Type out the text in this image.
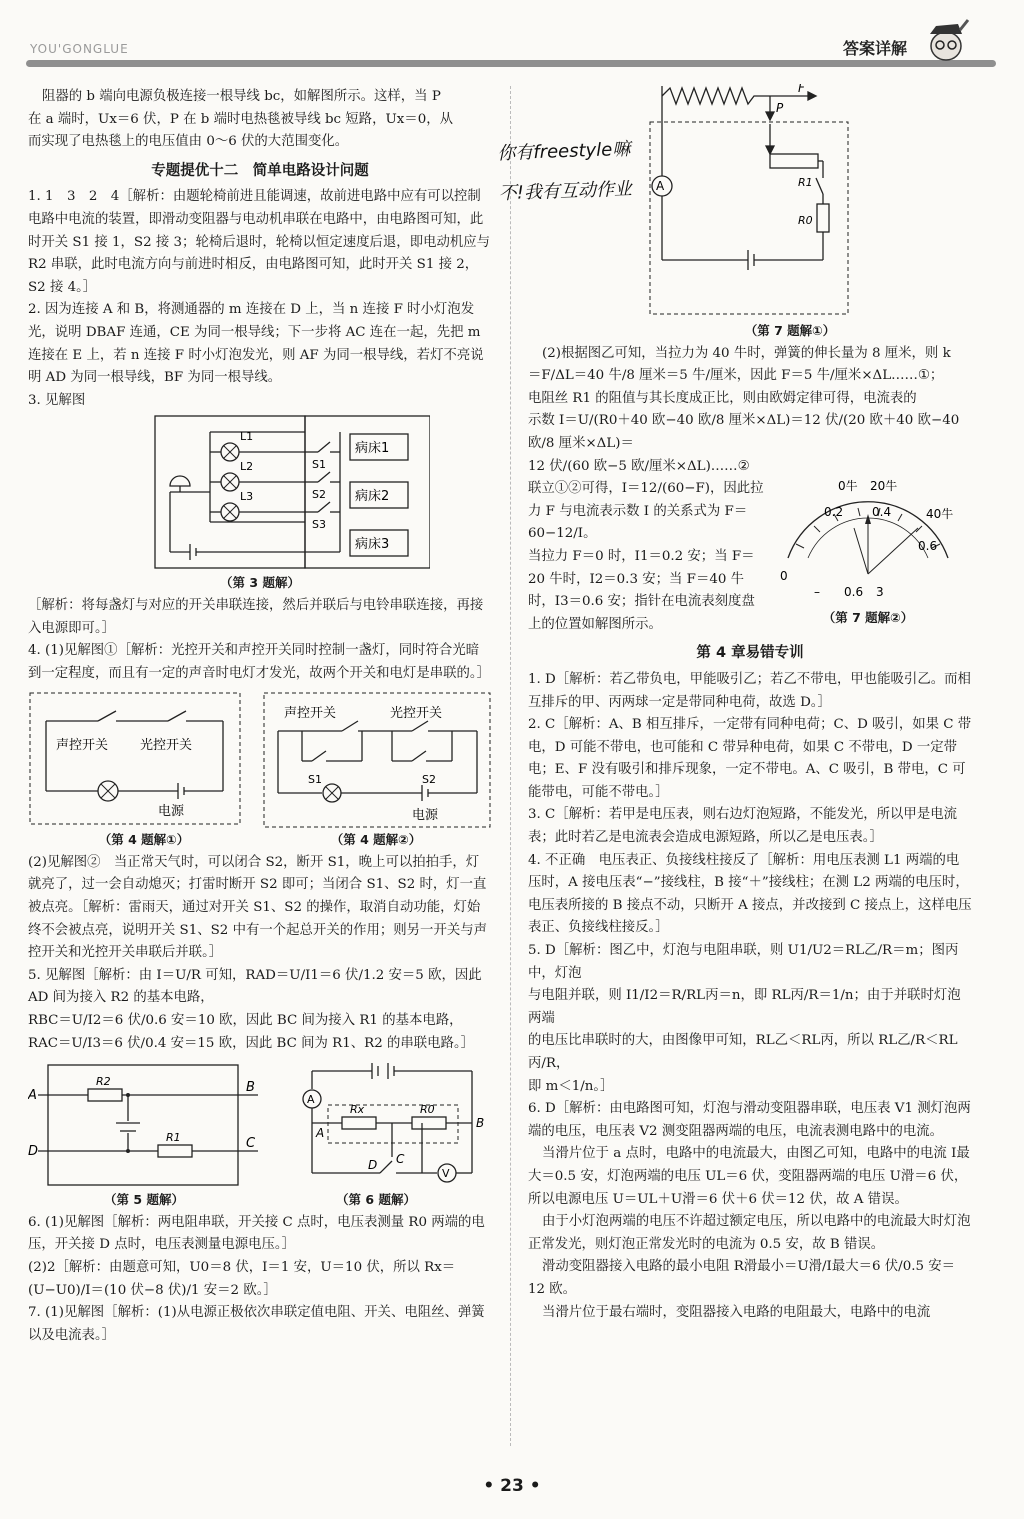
YOU'GONGLUE	答案详解

阻器的 b 端向电源负极连接一根导线 bc，如解图所示。这样，当 P

在 a 端时，Ux＝6 伏，P 在 b 端时电热毯被导线 bc 短路，Ux＝0，从

而实现了电热毯上的电压值由 0～6 伏的大范围变化。

专题提优十二　简单电路设计问题

1. 1　3　2　4［解析：由题轮椅前进且能调速，故前进电路中应有可以控制电路中电流的装置，即滑动变阻器与电动机串联在电路中，由电路图可知，此时开关 S1 接 1，S2 接 3；轮椅后退时，轮椅以恒定速度后退，即电动机应与 R2 串联，此时电流方向与前进时相反，由电路图可知，此时开关 S1 接 2，S2 接 4。］

2. 因为连接 A 和 B，将测通器的 m 连接在 D 上，当 n 连接 F 时小灯泡发光，说明 DBAF 连通，CE 为同一根导线；下一步将 AC 连在一起，先把 m 连接在 E 上，若 n 连接 F 时小灯泡发光，则 AF 为同一根导线，若灯不亮说明 AD 为同一根导线，BF 为同一根导线。

3. 见解图

L1
L2
L3
S1
S2
S3
病床1
病床2
病床3
（第 3 题解）

［解析：将每盏灯与对应的开关串联连接，然后并联后与电铃串联连接，再接入电源即可。］

4. (1)见解图①［解析：光控开关和声控开关同时控制一盏灯，同时符合光暗到一定程度，而且有一定的声音时电灯才发光，故两个开关和电灯是串联的。］

声控开关 光控开关
电源
声控开关	光控开关
S1	S2
电源
（第 4 题解①）	（第 4 题解②）

(2)见解图②　当正常天气时，可以闭合 S2，断开 S1，晚上可以拍拍手，灯就亮了，过一会自动熄灭；打雷时断开 S2 即可；当闭合 S1、S2 时，灯一直被点亮。［解析：雷雨天，通过对开关 S1、S2 的操作，取消自动功能，灯始终不会被点亮，说明开关 S1、S2 中有一个起总开关的作用；则另一开关与声控开关和光控开关串联后并联。］

5. 见解图［解析：由 I＝U/R 可知，RAD＝U/I1＝6 伏/1.2 安＝5 欧，因此 AD 间为接入 R2 的基本电路，

RBC＝U/I2＝6 伏/0.6 安＝10 欧，因此 BC 间为接入 R1 的基本电路，

RAC＝U/I3＝6 伏/0.4 安＝15 欧，因此 BC 间为 R1、R2 的串联电路。］

A
B
C
D
R2
R1
A
V
A
B
C
D
Rx	R0
（第 5 题解）	（第 6 题解）

6. (1)见解图［解析：两电阻串联，开关接 C 点时，电压表测量 R0 两端的电压，开关接 D 点时，电压表测量电源电压。］

(2)2［解析：由题意可知，U0＝8 伏，I＝1 安，U＝10 伏，所以 Rx＝(U−U0)/I＝(10 伏−8 伏)/1 安＝2 欧。］

7. (1)见解图［解析：(1)从电源正极依次串联定值电阻、开关、电阻丝、弹簧以及电流表。］

你有freestyle嘛
不!我有互动作业 A
F
P
R1
R0
（第 7 题解①）

(2)根据图乙可知，当拉力为 40 牛时，弹簧的伸长量为 8 厘米，则 k

＝F/ΔL＝40 牛/8 厘米＝5 牛/厘米，因此 F＝5 牛/厘米×ΔL……①；

电阻丝 R1 的阻值与其长度成正比，则由欧姆定律可得，电流表的

示数 I＝U/(R0＋40 欧−40 欧/8 厘米×ΔL)＝12 伏/(20 欧＋40 欧−40 欧/8 厘米×ΔL)＝

12 伏/(60 欧−5 欧/厘米×ΔL)……②

联立①②可得，I＝12/(60−F)，因此拉力 F 与电流表示数 I 的关系式为 F＝60−12/I。

当拉力 F＝0 时，I1＝0.2 安；当 F＝20 牛时，I2＝0.3 安；当 F＝40 牛时，I3＝0.6 安；指针在电流表刻度盘上的位置如解图所示。

0牛 20牛
40牛
0
0.2 0.4
0.6
– 0.6 3
（第 7 题解②）
第 4 章易错专训

1. D［解析：若乙带负电，甲能吸引乙；若乙不带电，甲也能吸引乙。而相互排斥的甲、丙两球一定是带同种电荷，故选 D。］

2. C［解析：A、B 相互排斥，一定带有同种电荷；C、D 吸引，如果 C 带电，D 可能不带电，也可能和 C 带异种电荷，如果 C 不带电，D 一定带电；E、F 没有吸引和排斥现象，一定不带电。A、C 吸引，B 带电，C 可能带电，可能不带电。］

3. C［解析：若甲是电压表，则右边灯泡短路，不能发光，所以甲是电流表；此时若乙是电流表会造成电源短路，所以乙是电压表。］

4. 不正确　电压表正、负接线柱接反了［解析：用电压表测 L1 两端的电压时，A 接电压表“−”接线柱，B 接“＋”接线柱；在测 L2 两端的电压时，电压表所接的 B 接点不动，只断开 A 接点，并改接到 C 接点上，这样电压表正、负接线柱接反。］

5. D［解析：图乙中，灯泡与电阻串联，则 U1/U2＝RL乙/R＝m；图丙中，灯泡

与电阻并联，则 I1/I2＝R/RL丙＝n，即 RL丙/R＝1/n；由于并联时灯泡两端

的电压比串联时的大，由图像甲可知，RL乙＜RL丙，所以 RL乙/R＜RL丙/R，

即 m＜1/n。］

6. D［解析：由电路图可知，灯泡与滑动变阻器串联，电压表 V1 测灯泡两端的电压，电压表 V2 测变阻器两端的电压，电流表测电路中的电流。

当滑片位于 a 点时，电路中的电流最大，由图乙可知，电路中的电流 I最大＝0.5 安，灯泡两端的电压 UL＝6 伏，变阻器两端的电压 U滑＝6 伏，所以电源电压 U＝UL＋U滑＝6 伏＋6 伏＝12 伏，故 A 错误。

由于小灯泡两端的电压不许超过额定电压，所以电路中的电流最大时灯泡正常发光，则灯泡正常发光时的电流为 0.5 安，故 B 错误。

滑动变阻器接入电路的最小电阻 R滑最小＝U滑/I最大＝6 伏/0.5 安＝12 欧。

当滑片位于最右端时，变阻器接入电路的电阻最大，电路中的电流

• 23 •
